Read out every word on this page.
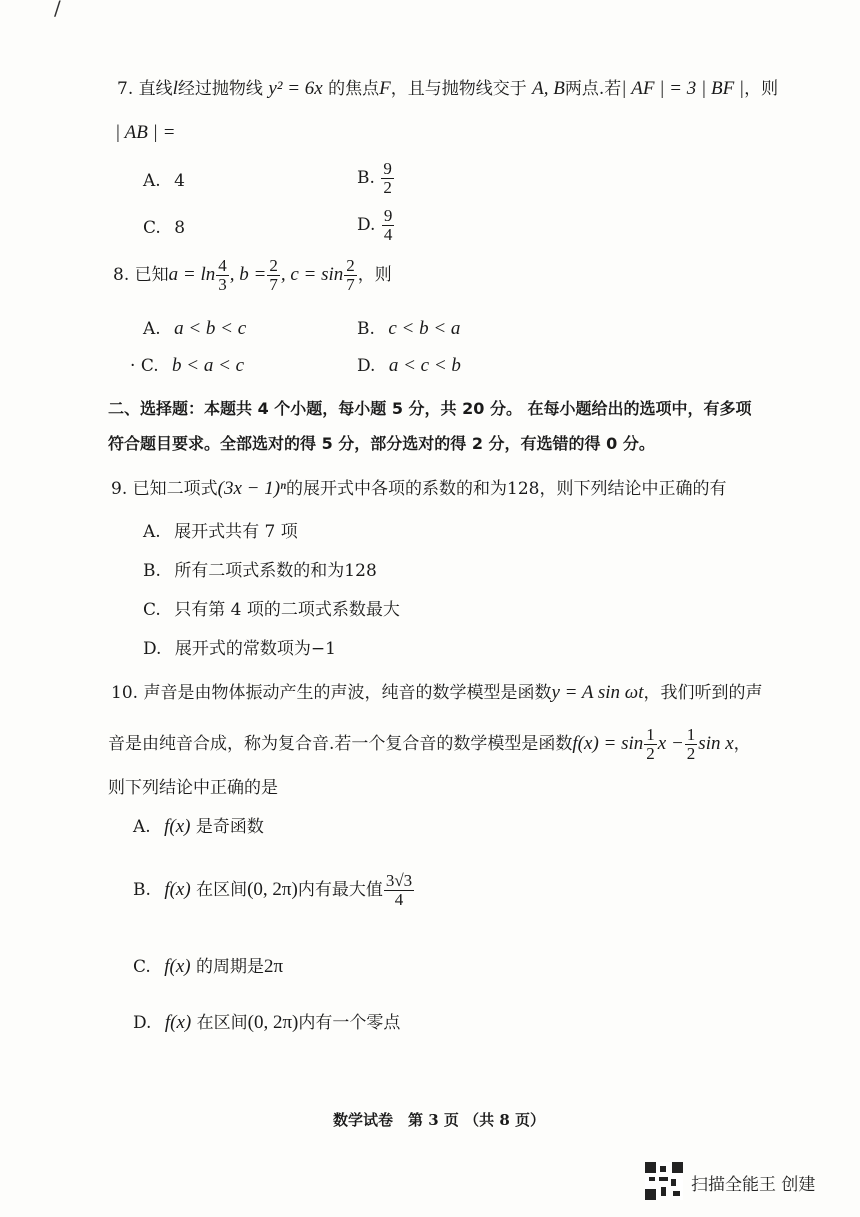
/
7. 直线l经过抛物线 y² = 6x 的焦点F，且与抛物线交于 A, B两点.若| AF | = 3 | BF |，则
| AB | =
A. 4	B. $\frac{9}{2}$
C. 8	D. $\frac{9}{4}$
8. 已知$a = \ln \frac{4}{3}$ , $b = \frac{2}{7}$ , $c = \sin \frac{2}{7}$ ，则
A. a < b < c	B. c < b < a
· C. b < a < c	D. a < c < b
二、选择题：本题共 4 个小题，每小题 5 分，共 20 分。 在每小题给出的选项中，有多项
符合题目要求。全部选对的得 5 分，部分选对的得 2 分，有选错的得 0 分。
9. 已知二项式(3x − 1)ⁿ的展开式中各项的系数的和为128，则下列结论中正确的有
A. 展开式共有 7 项
B. 所有二项式系数的和为128
C. 只有第 4 项的二项式系数最大
D. 展开式的常数项为−1
10. 声音是由物体振动产生的声波，纯音的数学模型是函数y = A sin ωt，我们听到的声
音是由纯音合成，称为复合音.若一个复合音的数学模型是函数$f(x) = \sin \frac{1}{2}$ $x - \frac{1}{2}$ sin x，
则下列结论中正确的是
A. f(x) 是奇函数
B. f(x) 在区间(0, 2π)内有最大值 $\frac{3√3}{4}$
C. f(x) 的周期是2π
D. f(x) 在区间(0, 2π)内有一个零点
数学试卷　第 3 页 （共 8 页）
扫描全能王 创建
